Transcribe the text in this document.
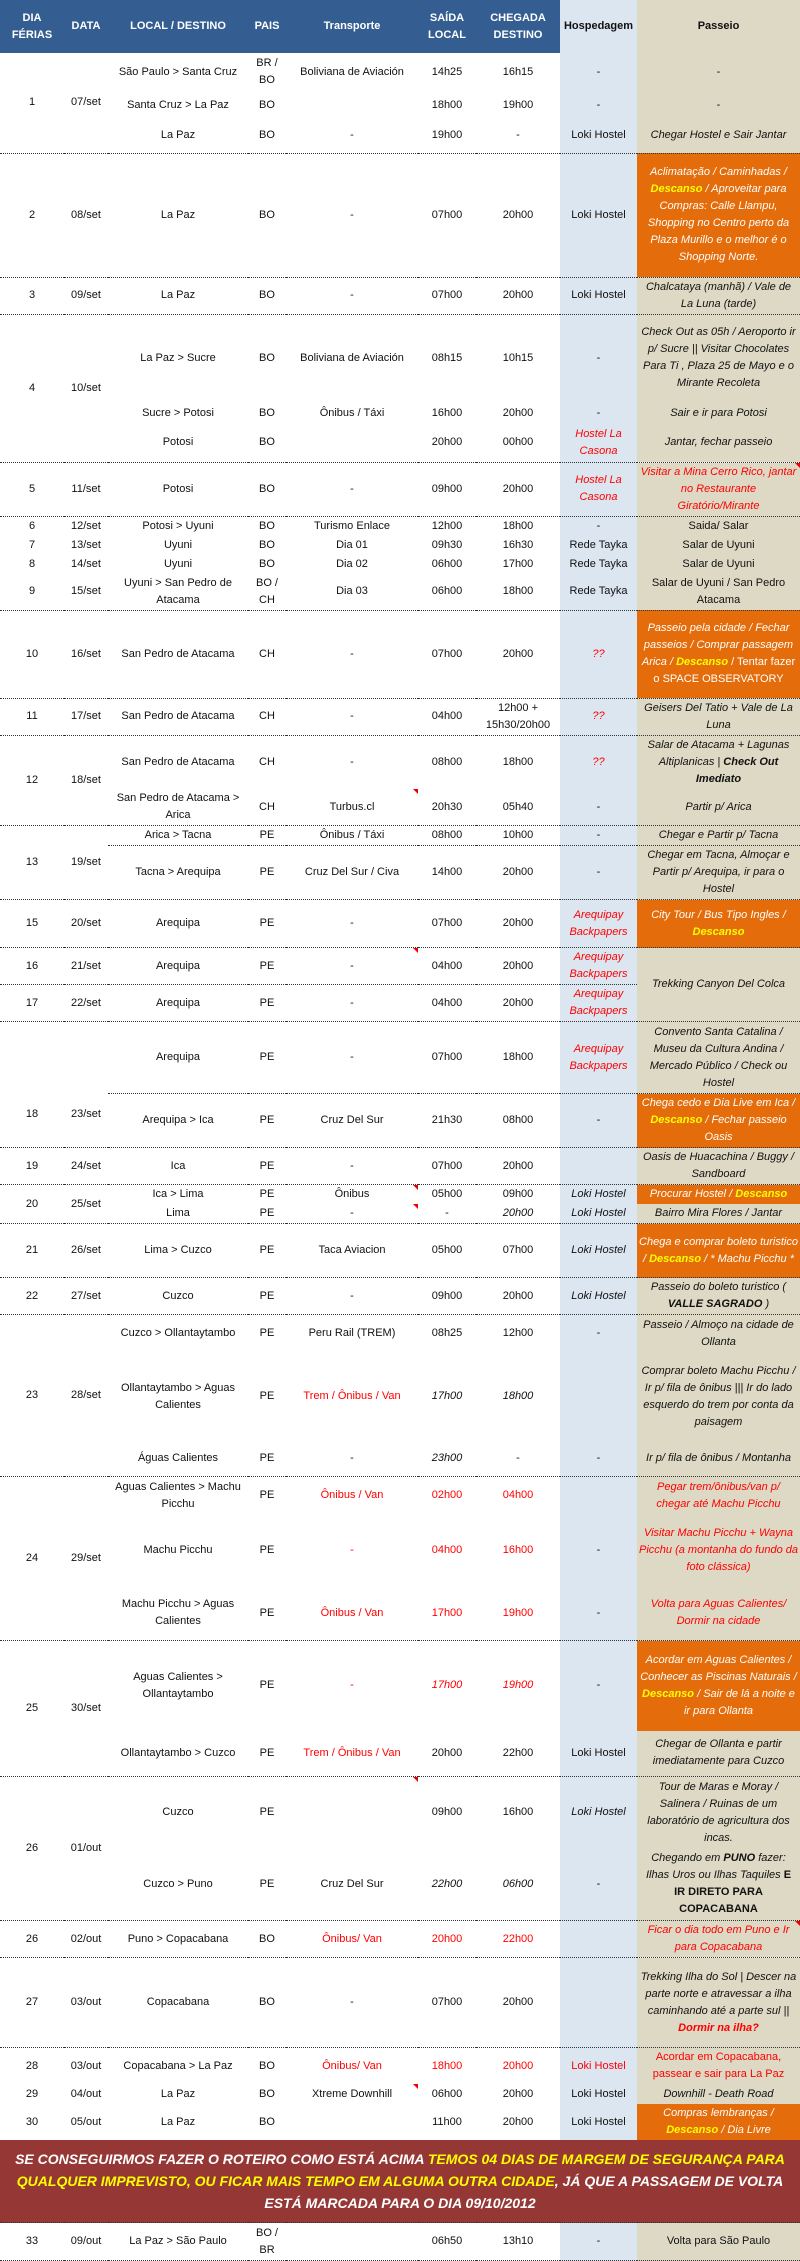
DIA FÉRIAS	DATA	LOCAL / DESTINO	PAIS	Transporte	SAÍDA LOCAL	CHEGADA DESTINO	Hospedagem	Passeio
1	07/set	São Paulo > Santa Cruz	BR / BO	Boliviana de Aviación	14h25	16h15	-	-
		Santa Cruz > La Paz	BO		18h00	19h00	-	-
		La Paz	BO	-	19h00	-	Loki Hostel	Chegar Hostel e Sair Jantar
2	08/set	La Paz	BO	-	07h00	20h00	Loki Hostel	Aclimatação / Caminhadas / Descanso / Aproveitar para Compras: Calle Llampu, Shopping no Centro perto da Plaza Murillo e o melhor é o Shopping Norte.
3	09/set	La Paz	BO	-	07h00	20h00	Loki Hostel	Chalcataya (manhã) / Vale de La Luna (tarde)
4	10/set	La Paz > Sucre	BO	Boliviana de Aviación	08h15	10h15	-	Check Out as 05h / Aeroporto ir p/ Sucre || Visitar Chocolates Para Ti , Plaza 25 de Mayo e o Mirante Recoleta
		Sucre > Potosi	BO	Ônibus / Táxi	16h00	20h00	-	Sair e ir para Potosi
		Potosi	BO		20h00	00h00	Hostel La Casona	Jantar, fechar passeio
5	11/set	Potosi	BO	-	09h00	20h00	Hostel La Casona	Visitar a Mina Cerro Rico, jantar no Restaurante Giratório/Mirante
6	12/set	Potosi > Uyuni	BO	Turismo Enlace	12h00	18h00	-	Saida/ Salar
7	13/set	Uyuni	BO	Dia 01	09h30	16h30	Rede Tayka	Salar de Uyuni
8	14/set	Uyuni	BO	Dia 02	06h00	17h00	Rede Tayka	Salar de Uyuni
9	15/set	Uyuni > San Pedro de Atacama	BO / CH	Dia 03	06h00	18h00	Rede Tayka	Salar de Uyuni / San Pedro Atacama
10	16/set	San Pedro de Atacama	CH	-	07h00	20h00	??	Passeio pela cidade / Fechar passeios / Comprar passagem Arica / Descanso / Tentar fazer o SPACE OBSERVATORY
11	17/set	San Pedro de Atacama	CH	-	04h00	12h00 + 15h30/20h00	??	Geisers Del Tatio + Vale de La Luna
12	18/set	San Pedro de Atacama	CH	-	08h00	18h00	??	Salar de Atacama + Lagunas Altiplanicas | Check Out Imediato
		San Pedro de Atacama > Arica	CH	Turbus.cl	20h30	05h40	-	Partir p/ Arica
13	19/set	Arica > Tacna	PE	Ônibus / Táxi	08h00	10h00	-	Chegar e Partir p/ Tacna
		Tacna > Arequipa	PE	Cruz Del Sur / Civa	14h00	20h00	-	Chegar em Tacna, Almoçar e Partir p/ Arequipa, ir para o Hostel
15	20/set	Arequipa	PE	-	07h00	20h00	Arequipay Backpapers	City Tour / Bus Tipo Ingles / Descanso
16	21/set	Arequipa	PE	-	04h00	20h00	Arequipay Backpapers	Trekking Canyon Del Colca
17	22/set	Arequipa	PE	-	04h00	20h00	Arequipay Backpapers	
18	23/set	Arequipa	PE	-	07h00	18h00	Arequipay Backpapers	Convento Santa Catalina / Museu da Cultura Andina / Mercado Público / Check ou Hostel
		Arequipa > Ica	PE	Cruz Del Sur	21h30	08h00	-	Chega cedo e Dia Live em Ica / Descanso / Fechar passeio Oasis
19	24/set	Ica	PE	-	07h00	20h00		Oasis de Huacachina / Buggy / Sandboard
20	25/set	Ica > Lima	PE	Ônibus	05h00	09h00	Loki Hostel	Procurar Hostel / Descanso
		Lima	PE	-	-	20h00	Loki Hostel	Bairro Mira Flores / Jantar
21	26/set	Lima > Cuzco	PE	Taca Aviacion	05h00	07h00	Loki Hostel	Chega e comprar boleto turistico / Descanso / * Machu Picchu *
22	27/set	Cuzco	PE	-	09h00	20h00	Loki Hostel	Passeio do boleto turistico ( VALLE SAGRADO )
23	28/set	Cuzco > Ollantaytambo	PE	Peru Rail (TREM)	08h25	12h00	-	Passeio / Almoço na cidade de Ollanta
		Ollantaytambo > Aguas Calientes	PE	Trem / Ônibus / Van	17h00	18h00		Comprar boleto Machu Picchu / Ir p/ fila de ônibus ||| Ir do lado esquerdo do trem por conta da paisagem
		Águas Calientes	PE	-	23h00	-	-	Ir p/ fila de ônibus / Montanha
24	29/set	Aguas Calientes > Machu Picchu	PE	Ônibus / Van	02h00	04h00		Pegar trem/ônibus/van p/ chegar até Machu Picchu
		Machu Picchu	PE	-	04h00	16h00	-	Visitar Machu Picchu + Wayna Picchu (a montanha do fundo da foto clássica)
		Machu Picchu > Aguas Calientes	PE	Ônibus / Van	17h00	19h00	-	Volta para Aguas Calientes/ Dormir na cidade
25	30/set	Aguas Calientes > Ollantaytambo	PE	-	17h00	19h00	-	Acordar em Aguas Calientes / Conhecer as Piscinas Naturais / Descanso / Sair de lá a noite e ir para Ollanta
		Ollantaytambo > Cuzco	PE	Trem / Ônibus / Van	20h00	22h00	Loki Hostel	Chegar de Ollanta e partir imediatamente para Cuzco
26	01/out	Cuzco	PE		09h00	16h00	Loki Hostel	Tour de Maras e Moray / Salinera / Ruinas de um laboratório de agricultura dos incas.
		Cuzco > Puno	PE	Cruz Del Sur	22h00	06h00	-	Chegando em PUNO fazer: Ilhas Uros ou Ilhas Taquiles E IR DIRETO PARA COPACABANA
26	02/out	Puno > Copacabana	BO	Ônibus/ Van	20h00	22h00		Ficar o dia todo em Puno e Ir para Copacabana
27	03/out	Copacabana	BO	-	07h00	20h00		Trekking Ilha do Sol | Descer na parte norte e atravessar a ilha caminhando até a parte sul || Dormir na ilha?
28	03/out	Copacabana > La Paz	BO	Ônibus/ Van	18h00	20h00	Loki Hostel	Acordar em Copacabana, passear e sair para La Paz
29	04/out	La Paz	BO	Xtreme Downhill	06h00	20h00	Loki Hostel	Downhill - Death Road
30	05/out	La Paz	BO		11h00	20h00	Loki Hostel	Compras lembranças / Descanso / Dia Livre
SE CONSEGUIRMOS FAZER O ROTEIRO COMO ESTÁ ACIMA TEMOS 04 DIAS DE MARGEM DE SEGURANÇA PARA QUALQUER IMPREVISTO, OU FICAR MAIS TEMPO EM ALGUMA OUTRA CIDADE, JÁ QUE A PASSAGEM DE VOLTA ESTÁ MARCADA PARA O DIA 09/10/2012								
33	09/out	La Paz > São Paulo	BO / BR		06h50	13h10	-	Volta para São Paulo
